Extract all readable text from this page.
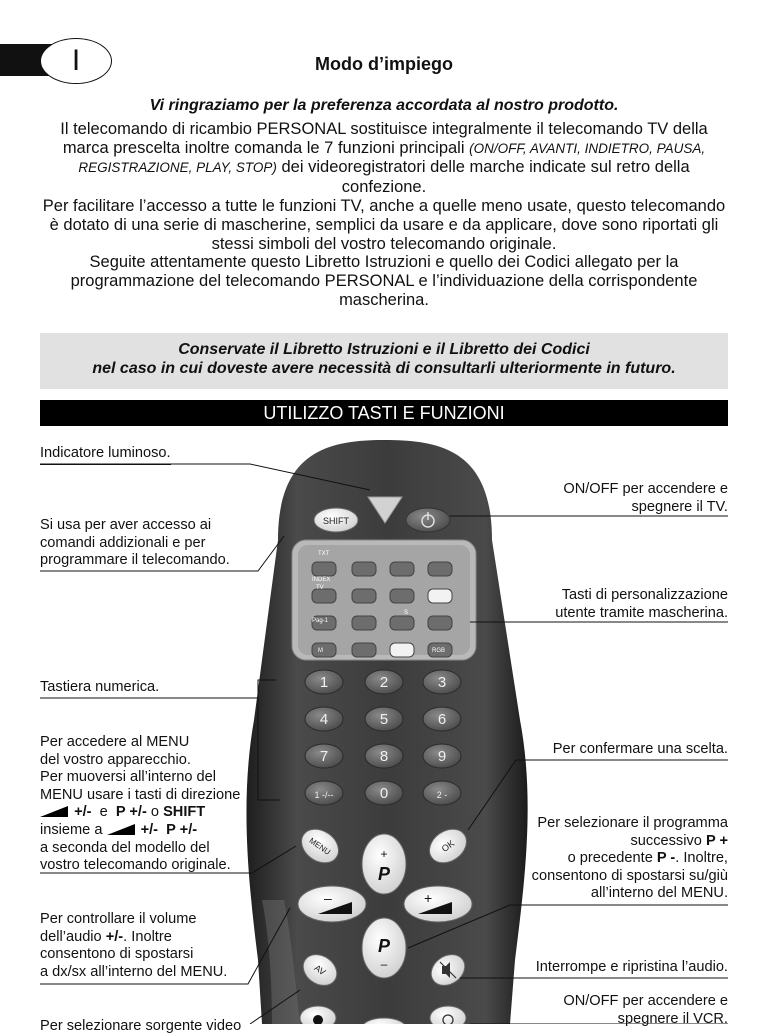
I	Modo d’impiego
Vi ringraziamo per la preferenza accordata al nostro prodotto.
Il telecomando di ricambio PERSONAL sostituisce integralmente il telecomando TV della marca prescelta inoltre comanda le 7 funzioni principali (ON/OFF, AVANTI, INDIETRO, PAUSA, REGISTRAZIONE, PLAY, STOP) dei videoregistratori delle marche indicate sul retro della confezione.
Per facilitare l’accesso a tutte le funzioni TV, anche a quelle meno usate, questo telecomando è dotato di una serie di mascherine, semplici da usare e da applicare, dove sono riportati gli stessi simboli del vostro telecomando originale.
Seguite attentamente questo Libretto Istruzioni e quello dei Codici allegato per la programmazione del telecomando PERSONAL e l’individuazione della corrispondente mascherina.
Conservate il Libretto Istruzioni e il Libretto dei Codici
nel caso in cui doveste avere necessità di consultarli ulteriormente in futuro.
UTILIZZO TASTI E FUNZIONI
SHIFT
TXT
INDEX
TV
Pag-1
M	RGB
S
1	2	3
4	5	6
7	8	9
1 -/--	0	2 -
MENU	OK
+
P
–	+
P
–
AV
Indicatore luminoso.
Si usa per aver accesso ai
comandi addizionali e per
programmare il telecomando.
Tastiera numerica.
Per accedere al MENU
del vostro apparecchio.
Per muoversi all’interno del
MENU usare i tasti di direzione
+/- e P +/- o SHIFT
insieme a	+/- P +/-
a seconda del modello del
vostro telecomando originale.
Per controllare il volume
dell’audio +/-. Inoltre
consentono di spostarsi
a dx/sx all’interno del MENU.
Per selezionare sorgente video
ON/OFF per accendere e
spegnere il TV.
Tasti di personalizzazione
utente tramite mascherina.
Per confermare una scelta.
Per selezionare il programma
successivo P +
o precedente P -. Inoltre,
consentono di spostarsi su/giù
all’interno del MENU.
Interrompe e ripristina l’audio.
ON/OFF per accendere e
spegnere il VCR.
